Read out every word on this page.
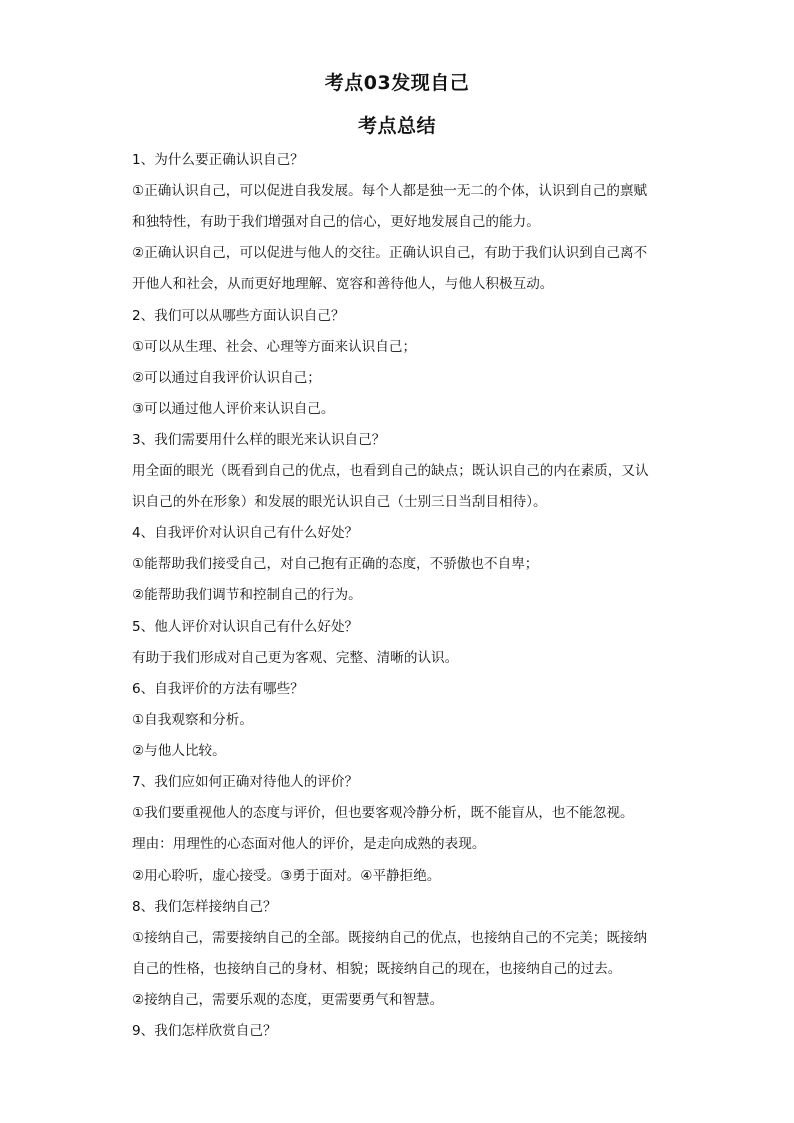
考点03发现自己
考点总结
1、为什么要正确认识自己？
①正确认识自己，可以促进自我发展。每个人都是独一无二的个体，认识到自己的禀赋
和独特性，有助于我们增强对自己的信心，更好地发展自己的能力。
②正确认识自己，可以促进与他人的交往。正确认识自己，有助于我们认识到自己离不
开他人和社会，从而更好地理解、宽容和善待他人，与他人积极互动。
2、我们可以从哪些方面认识自己？
①可以从生理、社会、心理等方面来认识自己；
②可以通过自我评价认识自己；
③可以通过他人评价来认识自己。
3、我们需要用什么样的眼光来认识自己？
用全面的眼光（既看到自己的优点，也看到自己的缺点；既认识自己的内在素质，又认
识自己的外在形象）和发展的眼光认识自己（士别三日当刮目相待）。
4、自我评价对认识自己有什么好处？
①能帮助我们接受自己，对自己抱有正确的态度，不骄傲也不自卑；
②能帮助我们调节和控制自己的行为。
5、他人评价对认识自己有什么好处？
有助于我们形成对自己更为客观、完整、清晰的认识。
6、自我评价的方法有哪些？
①自我观察和分析。
②与他人比较。
7、我们应如何正确对待他人的评价？
①我们要重视他人的态度与评价，但也要客观冷静分析，既不能盲从，也不能忽视。
理由：用理性的心态面对他人的评价，是走向成熟的表现。
②用心聆听，虚心接受。③勇于面对。④平静拒绝。
8、我们怎样接纳自己？
①接纳自己，需要接纳自己的全部。既接纳自己的优点，也接纳自己的不完美；既接纳
自己的性格，也接纳自己的身材、相貌；既接纳自己的现在，也接纳自己的过去。
②接纳自己，需要乐观的态度，更需要勇气和智慧。
9、我们怎样欣赏自己？
